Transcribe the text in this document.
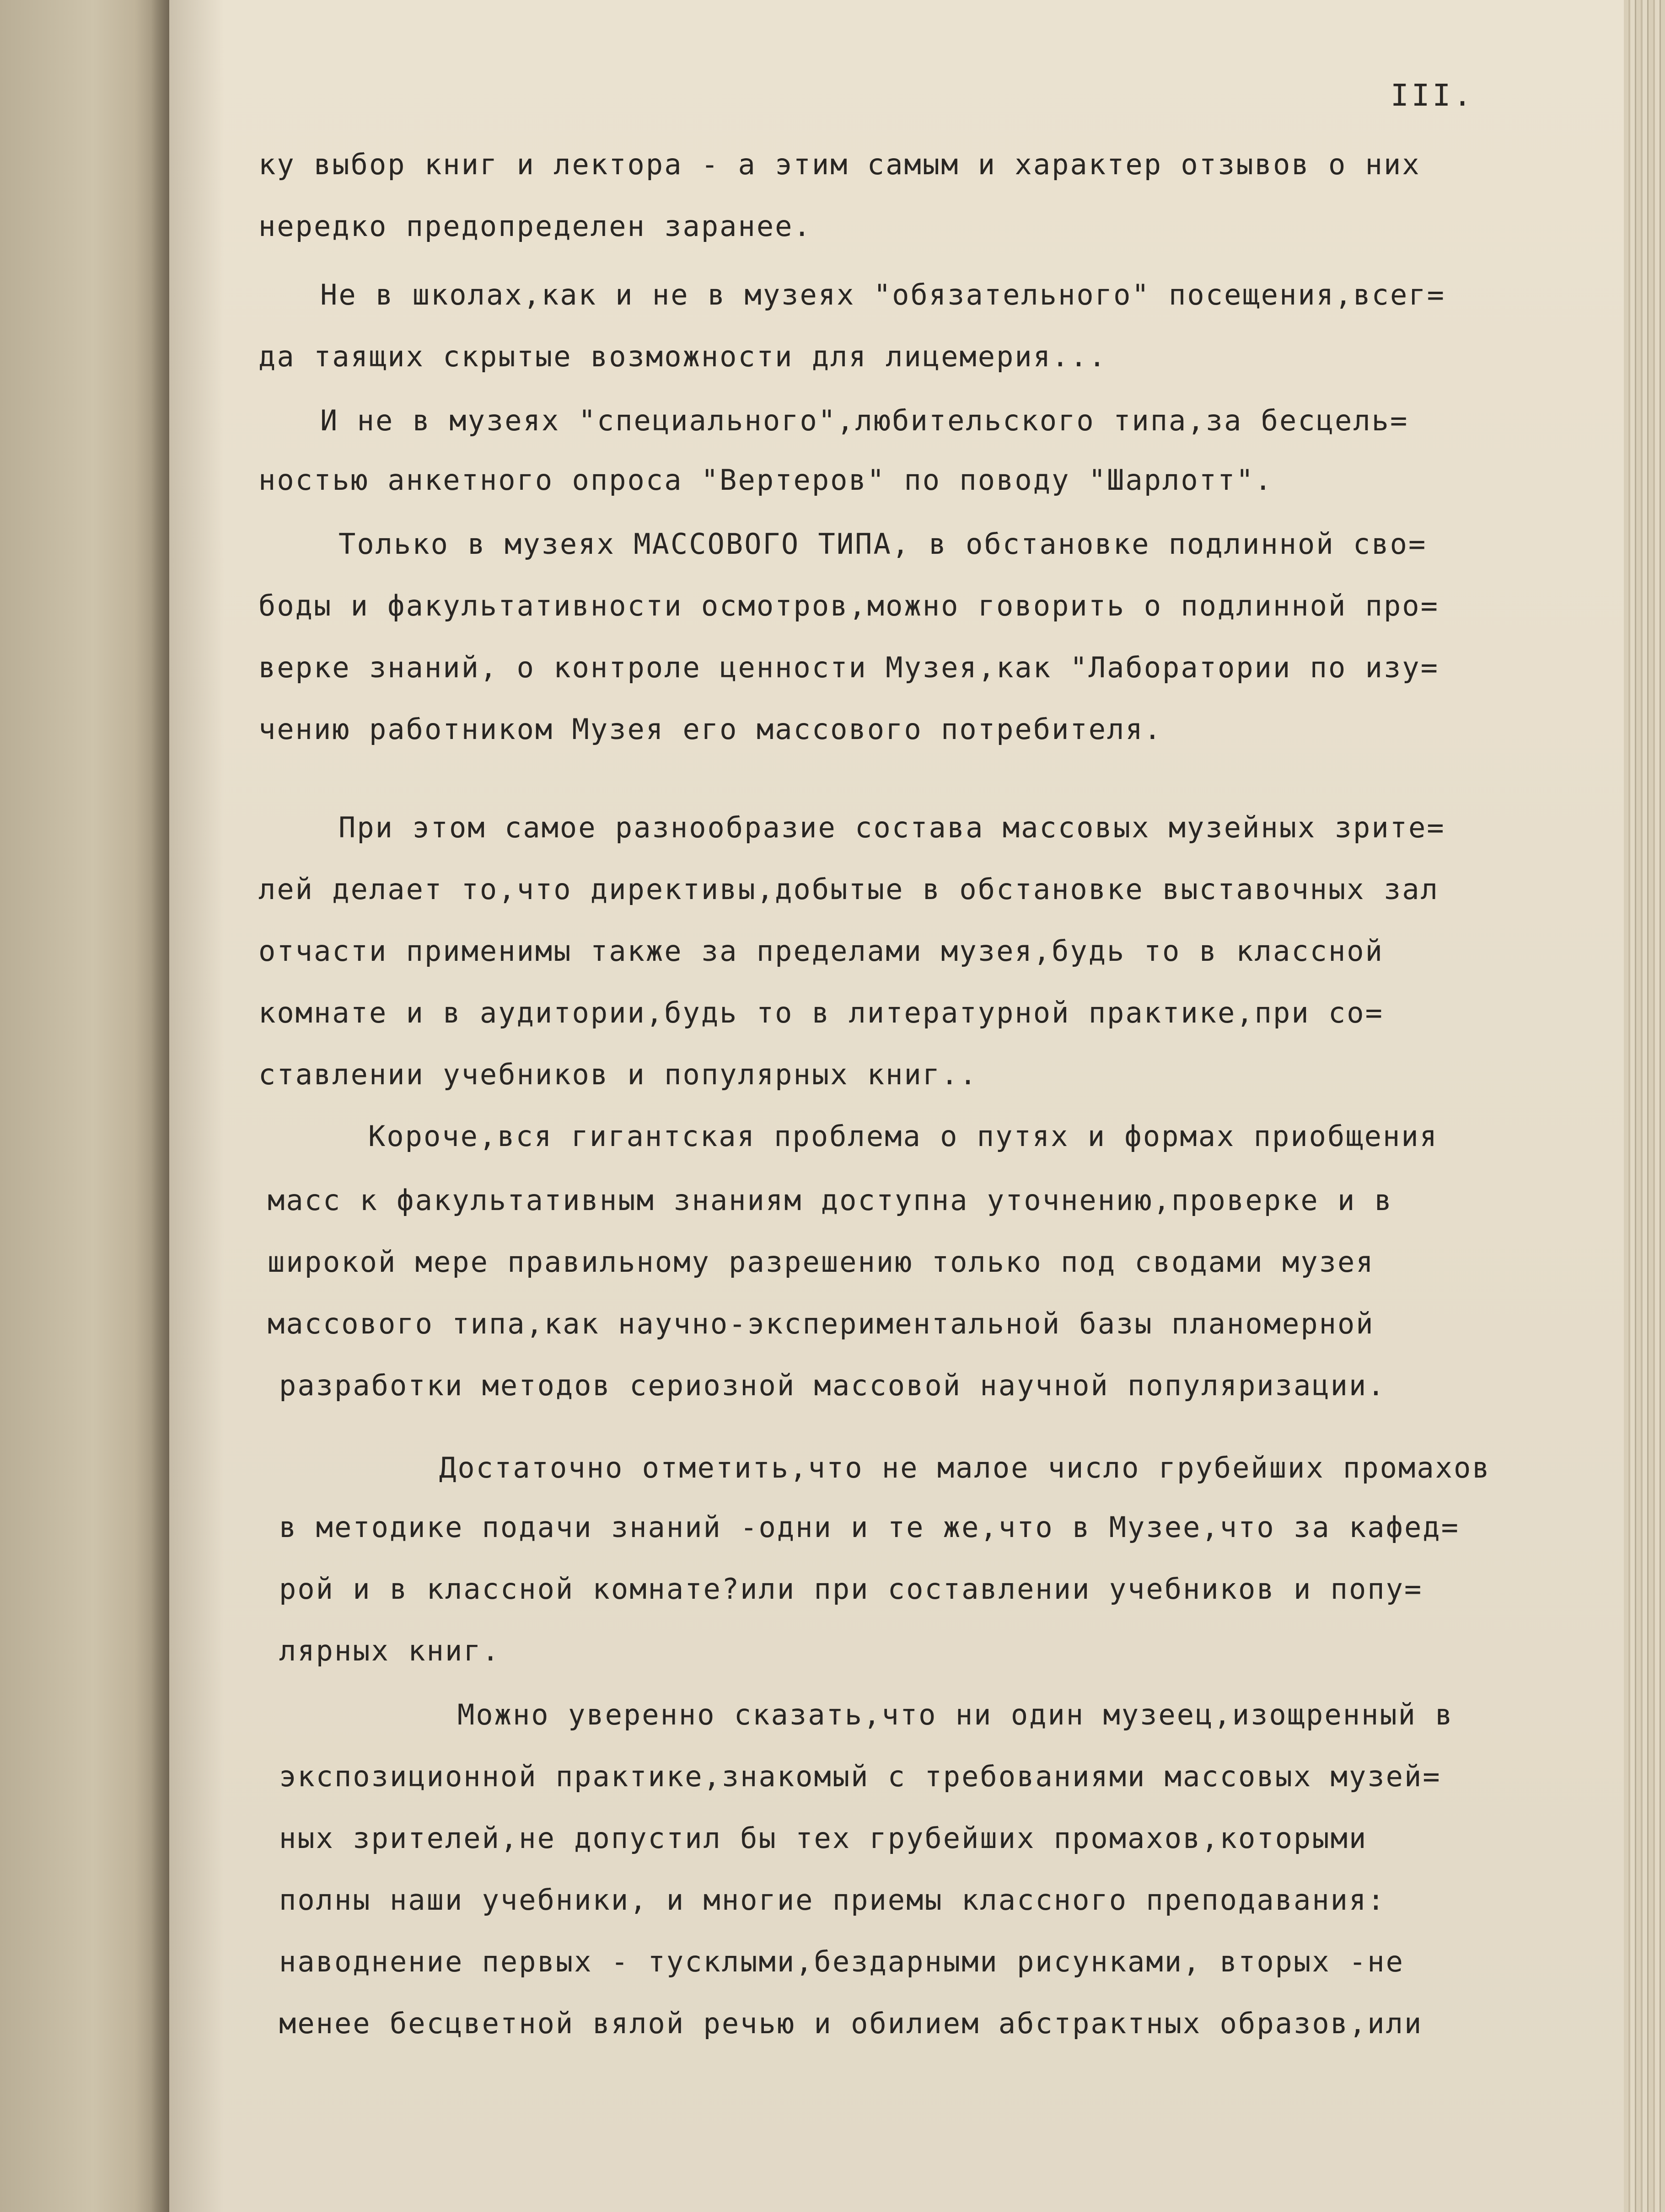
III.
ку выбор книг и лектора - а этим самым и характер отзывов о них
нередко предопределен заранее.
Не в школах,как и не в музеях "обязательного" посещения,всег=
да таящих скрытые возможности для лицемерия...
И не в музеях "специального",любительского типа,за бесцель=
ностью анкетного опроса "Вертеров" по поводу "Шарлотт".
Только в музеях МАССОВОГО ТИПА, в обстановке подлинной сво=
боды и факультативности осмотров,можно говорить о подлинной про=
верке знаний, о контроле ценности Музея,как "Лаборатории по изу=
чению работником Музея его массового потребителя.
При этом самое разнообразие состава массовых музейных зрите=
лей делает то,что директивы,добытые в обстановке выставочных зал
отчасти применимы также за пределами музея,будь то в классной
комнате и в аудитории,будь то в литературной практике,при со=
ставлении учебников и популярных книг..
Короче,вся гигантская проблема о путях и формах приобщения
масс к факультативным знаниям доступна уточнению,проверке и в
широкой мере правильному разрешению только под сводами музея
массового типа,как научно-экспериментальной базы планомерной
разработки методов сериозной массовой научной популяризации.
Достаточно отметить,что не малое число грубейших промахов
в методике подачи знаний -одни и те же,что в Музее,что за кафед=
рой и в классной комнате?или при составлении учебников и попу=
лярных книг.
Можно уверенно сказать,что ни один музеец,изощренный в
экспозиционной практике,знакомый с требованиями массовых музей=
ных зрителей,не допустил бы тех грубейших промахов,которыми
полны наши учебники, и многие приемы классного преподавания:
наводнение первых - тусклыми,бездарными рисунками, вторых -не
менее бесцветной вялой речью и обилием абстрактных образов,или
